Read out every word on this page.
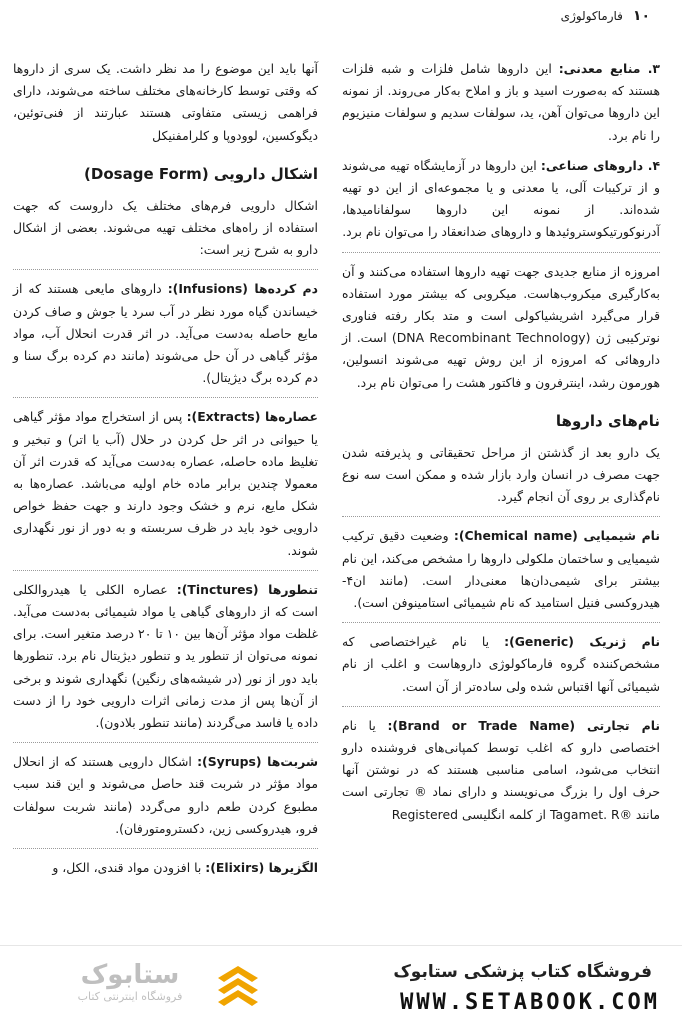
۱۰
فارماکولوژی

۳. منابع معدنی: این داروها شامل فلزات و شبه فلزات هستند که به‌صورت اسید و باز و املاح به‌کار می‌روند. از نمونه این داروها می‌توان آهن، ید، سولفات سدیم و سولفات منیزیوم را نام برد.

۴. داروهای صناعی: این داروها در آزمایشگاه تهیه می‌شوند و از ترکیبات آلی، یا معدنی و یا مجموعه‌ای از این دو تهیه شده‌اند. از نمونه این داروها سولفانامیدها، آدرنوکورتیکوستروئیدها و داروهای ضدانعقاد را می‌توان نام برد.

امروزه از منابع جدیدی جهت تهیه داروها استفاده می‌کنند و آن به‌کارگیری میکروب‌هاست. میکروبی که بیشتر مورد استفاده قرار می‌گیرد اشریشیاکولی است و متد بکار رفته فناوری نوترکیبی ژن (DNA Recombinant Technology) است. از داروهائی که امروزه از این روش تهیه می‌شوند انسولین، هورمون رشد، اینترفرون و فاکتور هشت را می‌توان نام برد.

نام‌های داروها

یک دارو بعد از گذشتن از مراحل تحقیقاتی و پذیرفته شدن جهت مصرف در انسان وارد بازار شده و ممکن است سه نوع نام‌گذاری بر روی آن انجام گیرد.

نام شیمیایی (Chemical name): وضعیت دقیق ترکیب شیمیایی و ساختمان ملکولی داروها را مشخص می‌کند، این نام بیشتر برای شیمی‌دان‌ها معنی‌دار است. (مانند ان‌۴- هیدروکسی فنیل استامید که نام شیمیائی استامینوفن است).

نام ژنریک (Generic): یا نام غیراختصاصی که مشخص‌کننده گروه فارماکولوژی داروهاست و اغلب از نام شیمیائی آنها اقتباس شده ولی ساده‌تر از آن است.

نام تجارتی (Brand or Trade Name): یا نام اختصاصی دارو که اغلب توسط کمپانی‌های فروشنده دارو انتخاب می‌شود، اسامی مناسبی هستند که در نوشتن آنها حرف اول را بزرگ می‌نویسند و دارای نماد ® تجارتی است مانند ®Tagamet. R از کلمه انگلیسی Registered

آنها باید این موضوع را مد نظر داشت. یک سری از داروها که وقتی توسط کارخانه‌های مختلف ساخته می‌شوند، دارای فراهمی زیستی متفاوتی هستند عبارتند از فنی‌توئین، دیگوکسین، لوودوپا و کلرامفنیکل

اشکال دارویی (Dosage Form)

اشکال دارویی فرم‌های مختلف یک داروست که جهت استفاده از راه‌های مختلف تهیه می‌شوند. بعضی از اشکال دارو به شرح زیر است:

دم کرده‌ها (Infusions): داروهای مایعی هستند که از خیساندن گیاه مورد نظر در آب سرد یا جوش و صاف کردن مایع حاصله به‌دست می‌آید. در اثر قدرت انحلال آب، مواد مؤثر گیاهی در آن حل می‌شوند (مانند دم کرده برگ سنا و دم کرده برگ دیژیتال).

عصاره‌ها (Extracts): پس از استخراج مواد مؤثر گیاهی یا حیوانی در اثر حل کردن در حلال (آب یا اتر) و تبخیر و تغلیظ ماده حاصله، عصاره به‌دست می‌آید که قدرت اثر آن معمولا چندین برابر ماده خام اولیه می‌باشد. عصاره‌ها به شکل مایع، نرم و خشک وجود دارند و جهت حفظ خواص دارویی خود باید در ظرف سربسته و به دور از نور نگهداری شوند.

تنطورها (Tinctures): عصاره الکلی یا هیدروالکلی است که از داروهای گیاهی یا مواد شیمیائی به‌دست می‌آید. غلظت مواد مؤثر آن‌ها بین ۱۰ تا ۲۰ درصد متغیر است. برای نمونه می‌توان از تنطور ید و تنطور دیژیتال نام برد. تنطورها باید دور از نور (در شیشه‌های رنگین) نگهداری شوند و برخی از آن‌ها پس از مدت زمانی اثرات دارویی خود را از دست داده یا فاسد می‌گردند (مانند تنطور بلادون).

شربت‌ها (Syrups): اشکال دارویی هستند که از انحلال مواد مؤثر در شربت قند حاصل می‌شوند و این قند سبب مطبوع کردن طعم دارو می‌گردد (مانند شربت سولفات فرو، هیدروکسی زین، دکسترومتورفان).

الگزیرها (Elixirs): با افزودن مواد قندی، الکل، و

ستابوک
فروشگاه اینترنتی کتاب
فروشگاه کتاب پزشکی ستابوک
WWW.SETABOOK.COM
